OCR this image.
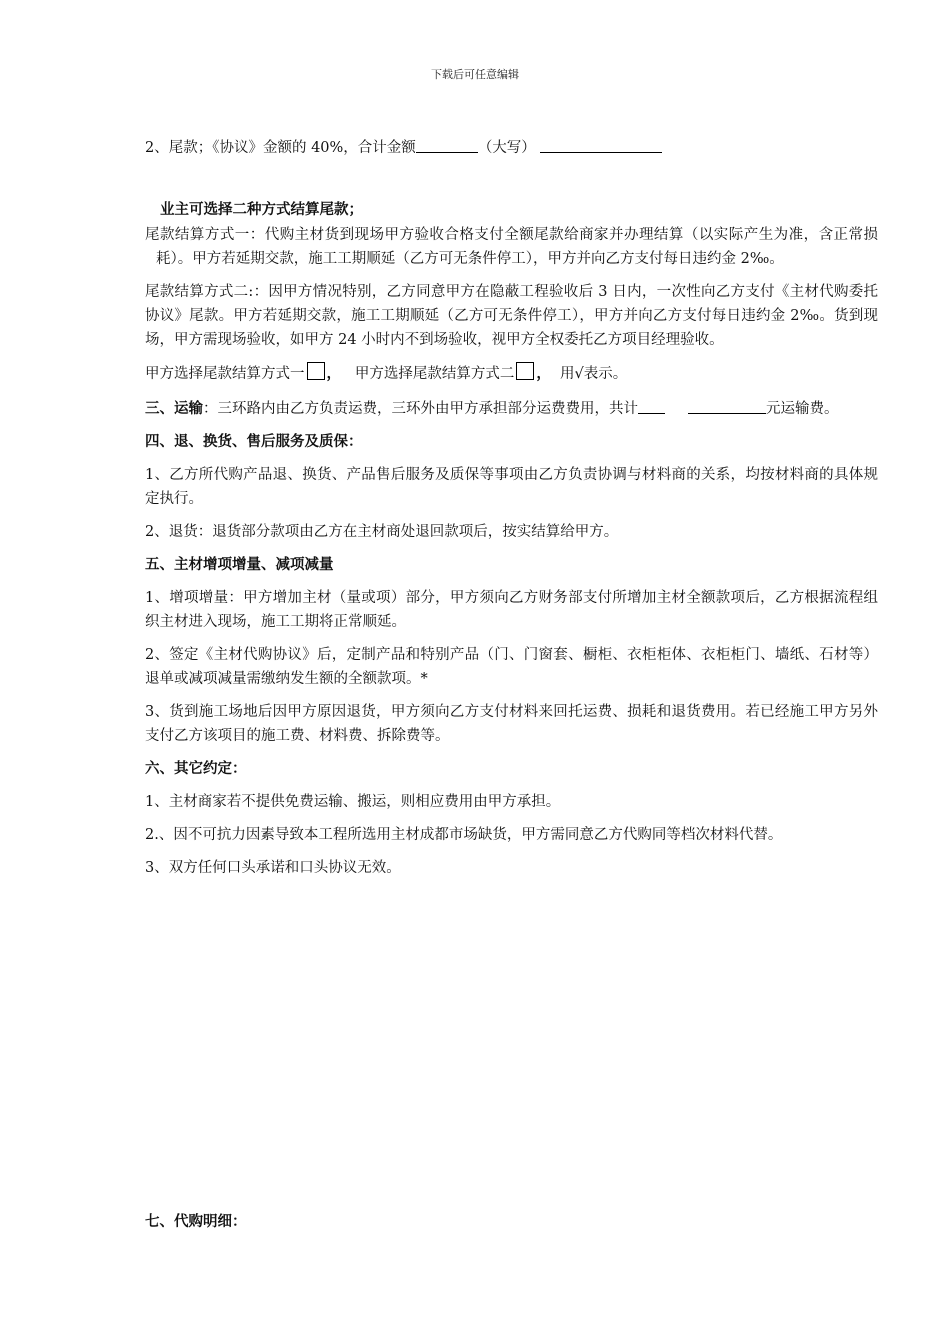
下载后可任意编辑

2、尾款；《协议》金额的 40%，合计金额	（大写）

业主可选择二种方式结算尾款；

尾款结算方式一：代购主材货到现场甲方验收合格支付全额尾款给商家并办理结算（以实际产生为准，含正常损耗）。甲方若延期交款，施工工期顺延（乙方可无条件停工），甲方并向乙方支付每日违约金 2‰。

尾款结算方式二:：因甲方情况特别，乙方同意甲方在隐蔽工程验收后 3 日内，一次性向乙方支付《主材代购委托协议》尾款。甲方若延期交款，施工工期顺延（乙方可无条件停工），甲方并向乙方支付每日违约金 2‰。货到现场，甲方需现场验收，如甲方 24 小时内不到场验收，视甲方全权委托乙方项目经理验收。

甲方选择尾款结算方式一 ， 甲方选择尾款结算方式二 ， 用√表示。

三、运输：三环路内由乙方负责运费，三环外由甲方承担部分运费费用，共计	元运输费。

四、退、换货、售后服务及质保：

1、乙方所代购产品退、换货、产品售后服务及质保等事项由乙方负责协调与材料商的关系，均按材料商的具体规定执行。

2、退货：退货部分款项由乙方在主材商处退回款项后，按实结算给甲方。

五、主材增项增量、减项减量

1、增项增量：甲方增加主材（量或项）部分，甲方须向乙方财务部支付所增加主材全额款项后，乙方根据流程组织主材进入现场，施工工期将正常顺延。

2、签定《主材代购协议》后，定制产品和特别产品（门、门窗套、橱柜、衣柜柜体、衣柜柜门、墙纸、石材等）退单或减项减量需缴纳发生额的全额款项。*

3、货到施工场地后因甲方原因退货，甲方须向乙方支付材料来回托运费、损耗和退货费用。若已经施工甲方另外支付乙方该项目的施工费、材料费、拆除费等。

六、其它约定：

1、主材商家若不提供免费运输、搬运，则相应费用由甲方承担。

2.、因不可抗力因素导致本工程所选用主材成都市场缺货，甲方需同意乙方代购同等档次材料代替。

3、双方任何口头承诺和口头协议无效。

七、代购明细：
